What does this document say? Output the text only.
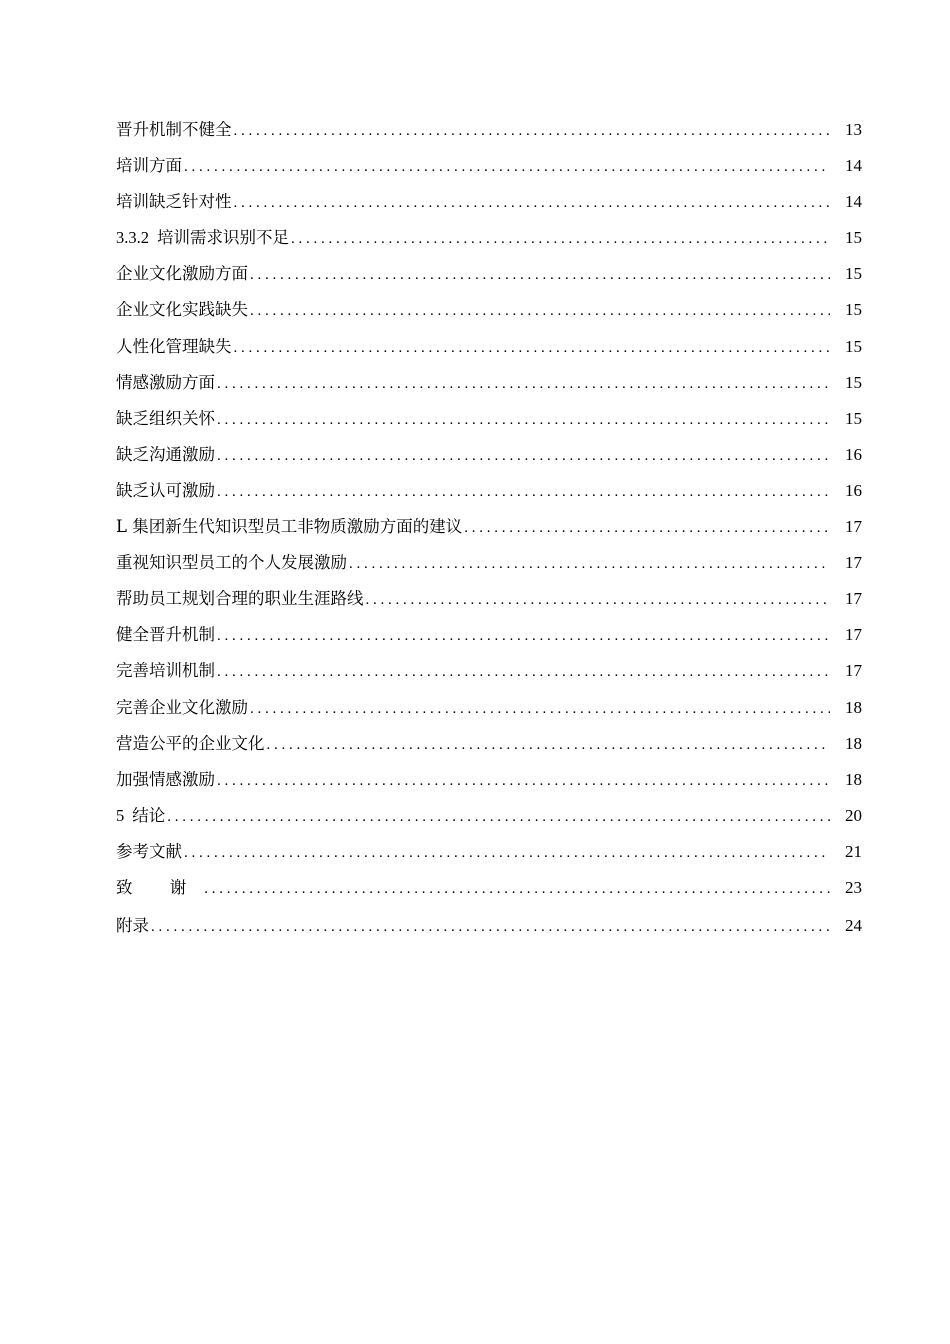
晋升机制不健全 . . .	13
培训方面 . . .	14
培训缺乏针对性 . . .	14
3.3.2 培训需求识别不足 . . .	15
企业文化激励方面 . . .	15
企业文化实践缺失 . . .	15
人性化管理缺失 . . .	15
情感激励方面 . . .	15
缺乏组织关怀 . . .	15
缺乏沟通激励 . . .	16
缺乏认可激励 . . .	16
L 集团新生代知识型员工非物质激励方面的建议 . . .	17
重视知识型员工的个人发展激励 . . .	17
帮助员工规划合理的职业生涯路线 . . .	17
健全晋升机制 . . .	17
完善培训机制 . . .	17
完善企业文化激励 . . .	18
营造公平的企业文化 . . .	18
加强情感激励 . . .	18
5 结论 . . .	20
参考文献 . . .	21
致 谢 . . .	23
附录 . . .	24
